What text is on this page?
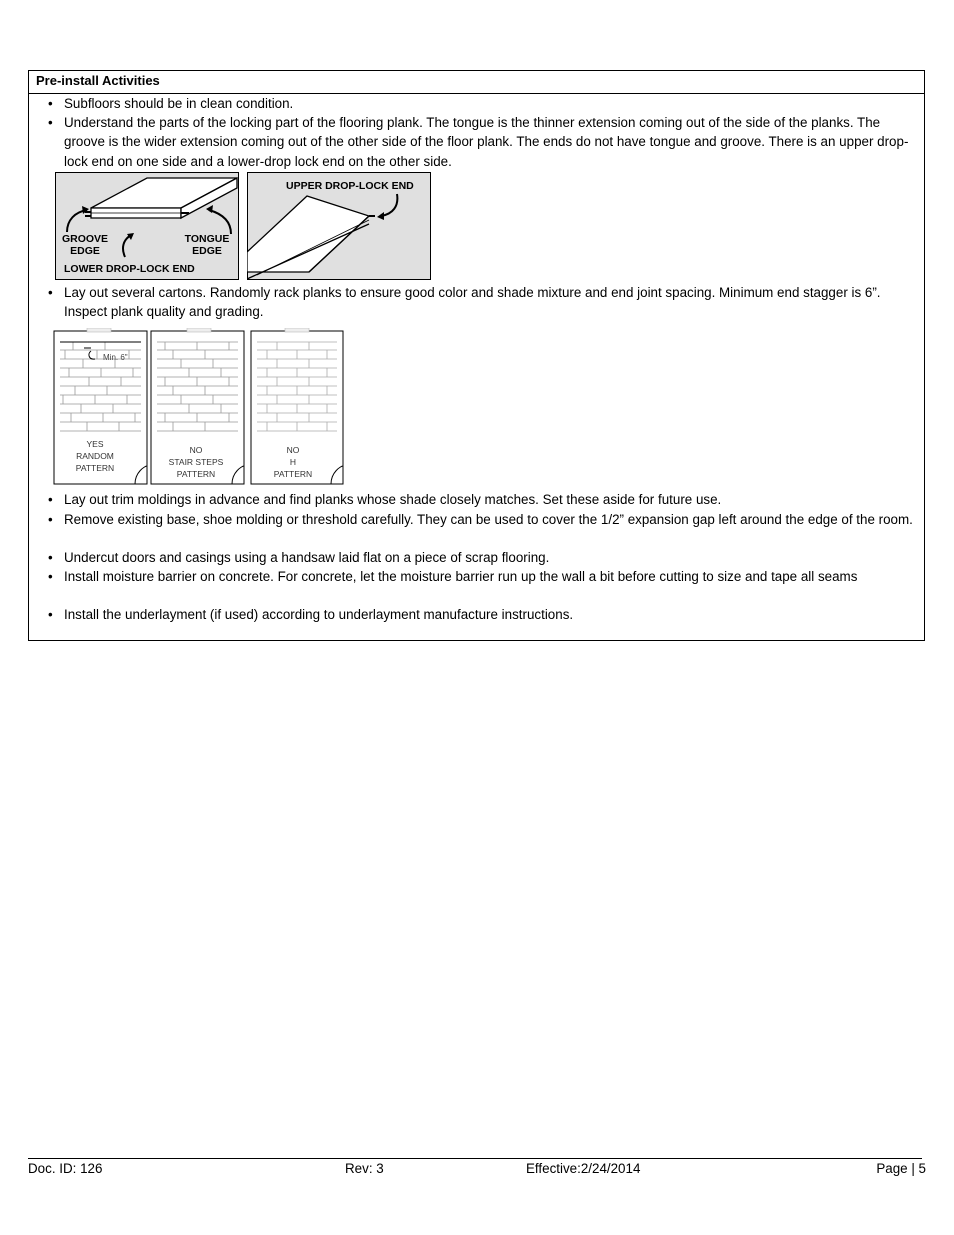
Pre-install Activities
• Subfloors should be in clean condition.
• Understand the parts of the locking part of the flooring plank. The tongue is the thinner extension coming out of the side of the planks. The groove is the wider extension coming out of the other side of the floor plank. The ends do not have tongue and groove. There is an upper drop-lock end on one side and a lower-drop lock end on the other side.
GROOVE
EDGE
TONGUE
EDGE
LOWER DROP-LOCK END
UPPER DROP-LOCK END
• Lay out several cartons. Randomly rack planks to ensure good color and shade mixture and end joint spacing. Minimum end stagger is 6”. Inspect plank quality and grading.
Min. 6"
YES
RANDOM
PATTERN
NO
STAIR STEPS
PATTERN
NO
H
PATTERN
• Lay out trim moldings in advance and find planks whose shade closely matches. Set these aside for future use.
• Remove existing base, shoe molding or threshold carefully. They can be used to cover the 1/2” expansion gap left around the edge of the room.
• Undercut doors and casings using a handsaw laid flat on a piece of scrap flooring.
• Install moisture barrier on concrete. For concrete, let the moisture barrier run up the wall a bit before cutting to size and tape all seams
• Install the underlayment (if used) according to underlayment manufacture instructions.
Doc. ID: 126	Rev: 3	Effective:2/24/2014	Page | 5
